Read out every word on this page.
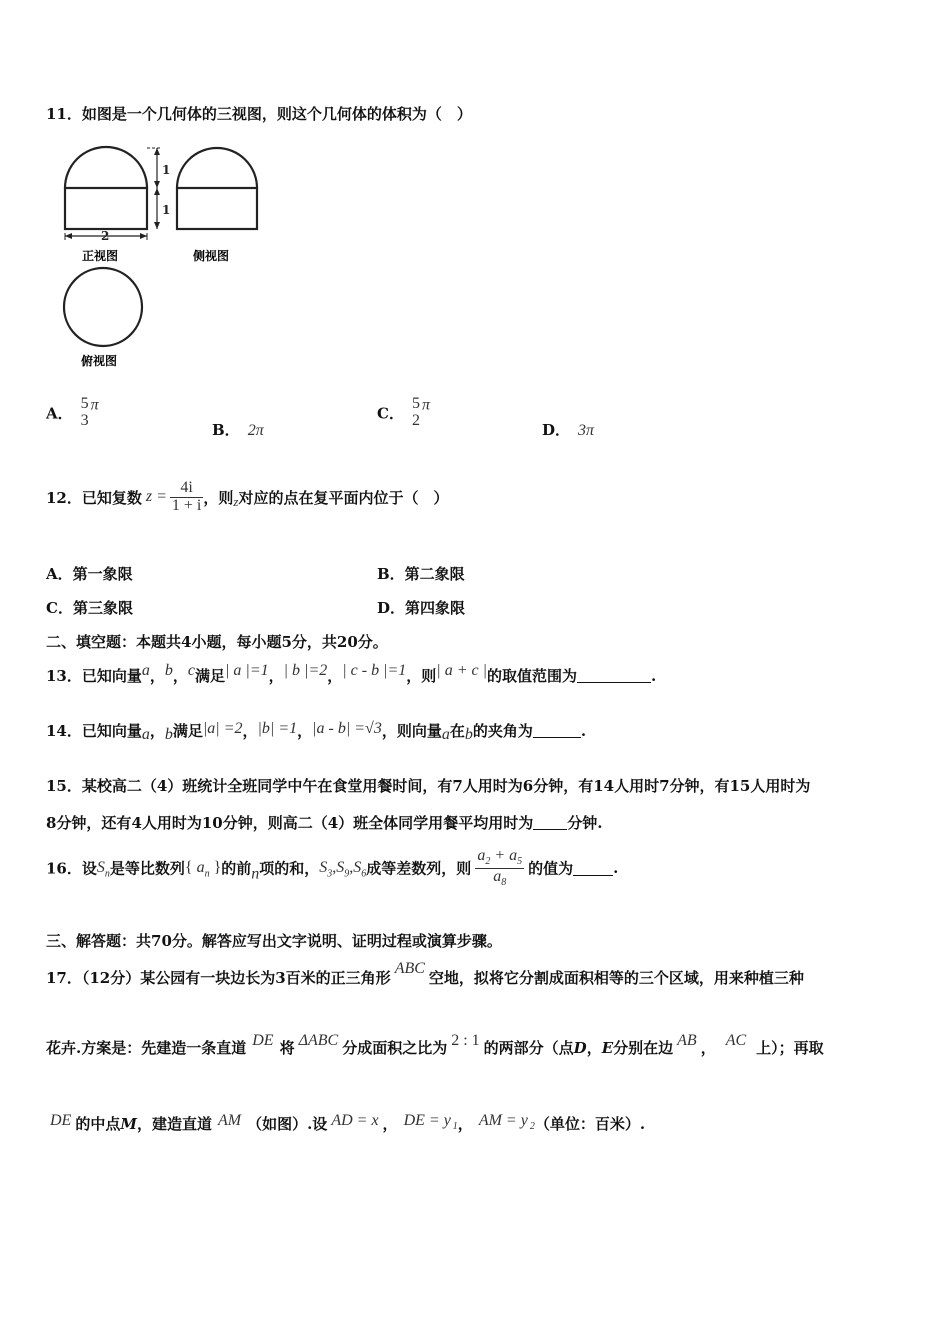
11．如图是一个几何体的三视图，则这个几何体的体积为（　）
1
1
2
正视图	侧视图
俯视图
A．
5
3
π
B． 2π
C．
5
2
π
D． 3π
12．已知复数 $z = \frac{4i}{1 + i}$ ，则$_z$对应的点在复平面内位于（　）
A．第一象限	B．第二象限
C．第三象限	D．第四象限
二、填空题：本题共4小题，每小题5分，共20分。
13．已知向量a，b，c满足| a |=1，| b |=2，| c - b |=1，则| a + c |的取值范围为	.
14．已知向量a，b满足|a| =2，|b| =1，|a - b| =√3，则向量a在b的夹角为	.
15．某校高二（4）班统计全班同学中午在食堂用餐时间，有7人用时为6分钟，有14人用时7分钟，有15人用时为
8分钟，还有4人用时为10分钟，则高二（4）班全体同学用餐平均用时为 分钟.
16．设$S_n$是等比数列{ $a_n$ }的前n项的和，$S_3,S_9,S_6$成等差数列，则 $\frac{a_2 + a_5}{a_8}$ 的值为	.
三、解答题：共70分。解答应写出文字说明、证明过程或演算步骤。
17．（12分）某公园有一块边长为3百米的正三角形ABC空地，拟将它分割成面积相等的三个区域，用来种植三种
花卉.方案是：先建造一条直道 DE 将 ΔABC 分成面积之比为 2 : 1 的两部分（点D，E分别在边 AB ， AC 上）；再取
DE 的中点M，建造直道 AM （如图）.设 AD = x ， DE = y $_1$， AM = y $_2$（单位：百米）.
